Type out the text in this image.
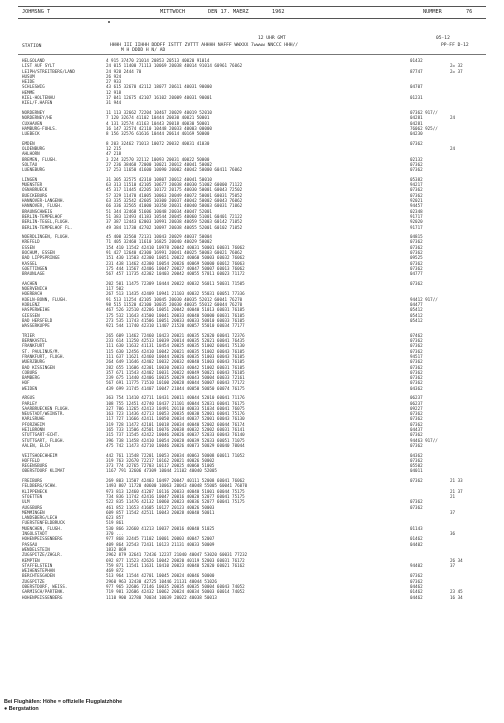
JOHMSNG T	MITTWOCH	DEN 17. MAERZ	1962	NUMMER	76
12 UHR GMT	05-12
STATION	HHHH III IIHHH DDDFF ISTTT ZVTTT AHHHH NAFFF WWXXX 7wwww NNCCC HHH//
M H DDDD H N/ AD
PP-FF D-12
HELGOLAND	4 915 37470 21014 20853 20513 40020 91014	01432
LIST AUF SYLT	24 015 11400 71113 10069 20038 40014 91014 60961 76062	2= 32
LEIPH/STREITBERG/LAND	24 920 2444 70	87747	2= 37
HUSUM	26 924
HEIDE	27 933
SCHLESWIG	43 615 32670 42112 18077 20611 40031 90000	04707
HEMME	12 918
KIEL-HOLTENAU	17 041 12675 42107 16102 20009 40031 90001	01231
KIEL/F.HAFEN	31 944
NORDERNEY	11 113 32662 72204 10467 20029 40019 52010	07362 917//
NORDERNEY/HE	7 120 32674 41102 10444 20030 40021 50001	04281	24
CUXHAVEN	4 131 32574 41163 10443 20018 40030 50001	04281
HAMBURG-FUHLS.	16 147 32574 42110 10448 20033 40003 00000	76062 925//
LUEBECK	8 156 32576 61616 10444 20614 40169 50000	04230
EMDEN	8 203 32462 71013 10072 20032 40031 41030	07362
OLDENBURG	12 215	24
AHLHORN	47 218
BREMEN, FLUGH.	3 224 32570 32112 10093 20031 40022 50000	02132
SOLTAU	27 236 38468 72000 10021 20012 40041 50002	07362
LUENEBURG	17 253 11650 41600 10090 20002 40042 50000 60411 76062	07362
LINGEN	31 305 32575 42310 10807 20012 40041 50010	05382
MUENSTER	63 313 11510 42105 10677 20038 40030 51002 60000 71122	94217
OSNABRUECK	45 317 11445 42205 10172 20175 40030 50001 60043 72502	07362
BUECKEBURG	57 329 11470 41005 10063 20049 40072 50001 60031 75052	07362
HANNOVER-LANGENH.	63 335 32542 42605 10300 20037 40042 50002 60043 76062	92021
HANNOVER, FLUGH.	66 336 32565 41000 10350 20031 40040 50003 60031 71062	94457
BRAUNSCHWEIG	51 344 32468 51606 10048 20034 40047 52001	02348
BERLIN-TEMPELHOF	51 383 12493 41183 10544 20045 40060 51001 60401 72122	91717
BERLIN-TEGEL,FLUGH.	37 387 12443 62003 10991 20038 40059 52003 60142 71052	92020
BERLIN-TEMPELHOF FL.	49 384 11730 42702 10097 20038 40055 52001 60102 71052	91717
NOERDLINGEN, FLUGH.	45 400 32560 72131 10043 20029 40037 50004	04815
KREFELD	71 405 32460 11610 16825 20040 40029 50002	07362
ESSEN	154 410 11542 42410 10978 20042 40031 50001 60031 76062	07362
BOCHUM, ESSEN	91 427 12640 42300 16991 20041 40025 50003 60021 76062	07362
BAD LIPPSPRINGE	151 430 11503 42300 10051 20022 40060 50003 60032 76062	09525
KASSEL	231 438 11462 42300 10054 20026 40069 50000 60012 76063	07362
GOETTINGEN	175 444 11567 42406 10047 20027 40047 50007 60013 76062	07362
BRAUNLAGE	567 457 11735 42302 10403 20042 40055 57011 60023 71172	04777
AACHEN	202 501 11475 72309 10444 20022 40032 56011 50031 71505	07362
NOERVENICH	117 502
HOERBACH	267 513 11435 42409 10941 21103 40032 55031 60051 77336
KOELN-BONN, FLUGH.	91 513 11254 42105 10045 20030 40035 52012 60041 76270	94412 917//
KOBLENZ	98 515 11520 42100 10035 20030 40035 55012 60044 76270	04477
HASPERWEIHE	467 526 32510 42206 10051 20042 40040 51013 60031 76105	05412
GIESSEN	175 532 11643 41500 10041 20033 40040 50000 60031 76105	05412
BAD HERSFELD	273 535 11743 41506 10051 20033 40033 50010 60033 76105	05412
WASSERKUPPE	921 544 11740 42310 11407 21520 40057 55010 60034 77177
TRIER	265 609 11462 72460 10423 20021 40035 52020 60041 72376	07462
BERNKASTEL	233 614 11250 42513 10039 20014 40035 52021 60041 76435	07362
FRANKFURT	111 630 11632 41131 10454 20025 40035 51002 60041 75130	07362
ST. PAULINUS/M.	115 630 12456 42410 10042 20021 40035 51002 60043 76105	07362
FRANKFURT, FLUGH.	111 637 11621 42460 10044 20026 40035 51003 60043 76105	94517
WUERZBURG	264 649 11646 42402 10032 20032 40040 51003 60043 76105	07362
BAD KISSINGEN	282 655 11606 42301 10030 20033 40042 51002 60031 76105	07362
COBURG	357 671 11543 42402 10031 20022 40049 50021 60043 76105	07362
BAMBERG	239 675 11440 42406 10035 20029 40043 50004 60033 72161	07362
HOF	567 691 11775 71510 10100 20028 40044 50007 60043 77172	07362
WEIDEN	439 699 31745 41407 10047 21044 40050 50050 60074 76175	04362
ARGUS	363 754 11410 42711 10431 20011 40044 52010 60041 71176	06237
PARLEY	108 755 12451 42740 10437 21101 40044 52031 60041 76175	06237
SAARBRUECKEN FLUGH.	327 706 11265 42413 10491 20110 40033 51034 60041 76075	09227
NEUSTADT/WEINSTR.	163 723 11436 42713 10053 20035 40030 52001 60041 75176	07362
KARLSRUHE	117 727 11666 42411 10050 20034 40037 52001 60043 76130	07362
PFORZHEIM	319 728 11472 42101 10018 20034 40040 52002 60044 76174	07362
HEILBRONN	165 733 11506 42501 10076 20038 40032 52002 60031 76141	04437
STUTTGART-ECHT.	315 737 11545 42422 10046 20026 40037 52033 60043 76140	07362
STUTTGART, FLUGH.	396 738 11458 42410 10054 20028 40039 52033 60051 71075	94463 917//
AALEN, ELCH	475 742 11473 42710 10046 20026 40073 50029 60040 70044	07362
VEITSHOECHHEIM	442 761 11548 72201 10053 20034 40063 50008 60011 71052	04362
HOFFELD	319 763 32670 72217 10162 20021 40026 50002	07362
REGENSBURG	373 774 32765 72703 10117 20025 40060 51005	05502
OBERSTDORF KLIMAT	1167 791 32606 47309 10044 21102 40040 52005	04011
FREIBURG	269 803 11507 42403 10497 20047 40111 52008 60041 76062	07362	21 33
FELDBERG/SCHW.	1493 807 11720 40600 10063 20043 40048 55005 60041 76070
KLIPPENECK	973 813 12460 41207 10116 20033 40040 51001 60044 75175	21 37
STOETTEN	734 836 11742 42416 10047 20016 40020 52077 60041 75175	21
ULM	522 835 11476 42132 10060 20023 40036 52077 60041 75175	07362
AUGSBURG	461 852 11653 41605 10127 20123 40026 50003	07362
MEMMINGEN	609 857 11542 42511 10043 20028 40040 50011	37
LANDSBERG/LECH	623 857
FUERSTENFELDBRUCK	519 861
MUENCHEN, FLUGH.	530 866 32660 41213 10037 20016 40040 51025	01143
INGOLSTADT	370 ...	36
HOHENPEISSENBERG	977 868 32445 71102 10001 20003 40047 52007	01462
PASSAU	409 864 32543 72431 10123 21131 40033 50009	04402
WENDELSTEIN	1832 869
ZUGSPITZE/ZHGLR.	2962 879 32641 72436 12237 21040 40047 53020 60031 77232
KEMPTEN	692 877 11523 42626 10042 20020 40119 52003 60031 76172	26 34
STAFFELSTEIN	759 871 11541 11631 10410 20023 40040 52020 60021 76162	94402	37
WEIHENSTEPHAN	469 872
BERCHTESGADEN	513 964 11544 42701 10045 20024 40046 50000	07362
ZUGSPITZE	2960 963 32430 42725 10446 21131 40044 51026	07362
OBERSTDORF, WEISS.	977 965 32606 72146 10035 20035 40035 50004 60043 74052	04462
GARMISCH/PARTENK.	719 981 32606 42432 10062 20024 40034 50003 60014 74052	01462	23 45
HOHENPEISSENBERG	1110 900 32780 70034 10039 20022 40038 50013	04462	16 34
Bei Flughäfen: Höhe = offizielle Flugplatzhöhe
● Bergstation
